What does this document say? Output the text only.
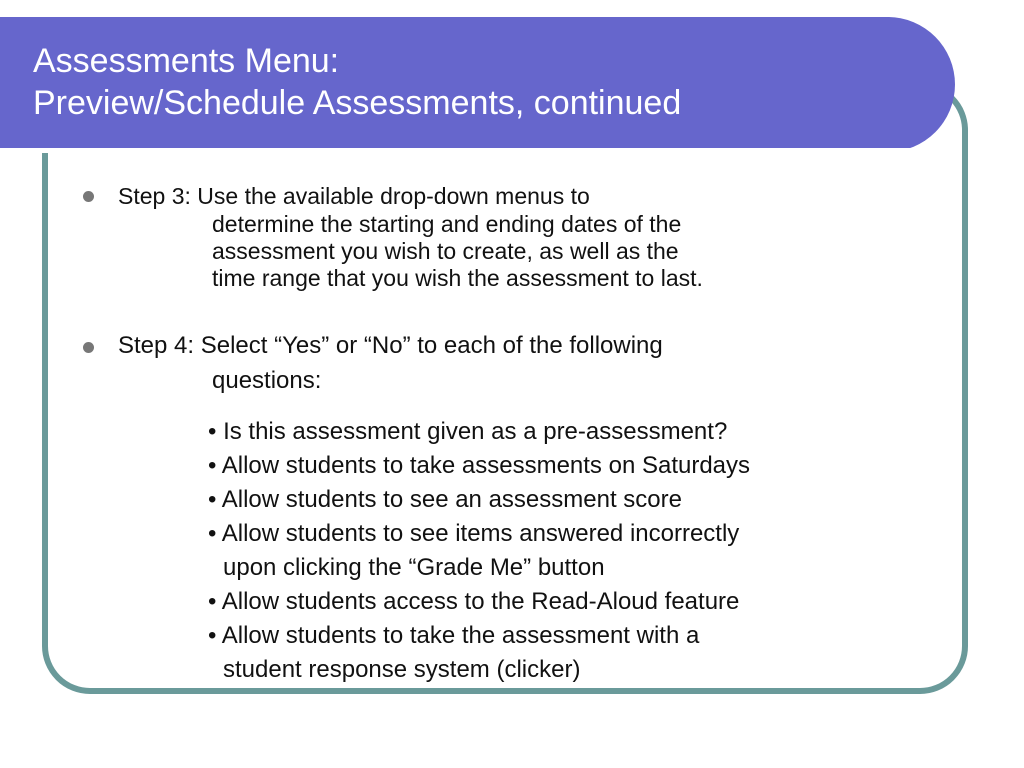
Assessments Menu:
Preview/Schedule Assessments, continued

Step 3: Use the available drop-down menus to

determine the starting and ending dates of the

assessment you wish to create, as well as the

time range that you wish the assessment to last.

Step 4: Select “Yes” or “No” to each of the following

questions:

• Is this assessment given as a pre-assessment?

• Allow students to take assessments on Saturdays

• Allow students to see an assessment score

• Allow students to see items answered incorrectly

upon clicking the “Grade Me” button

• Allow students access to the Read-Aloud feature

• Allow students to take the assessment with a

student response system (clicker)
